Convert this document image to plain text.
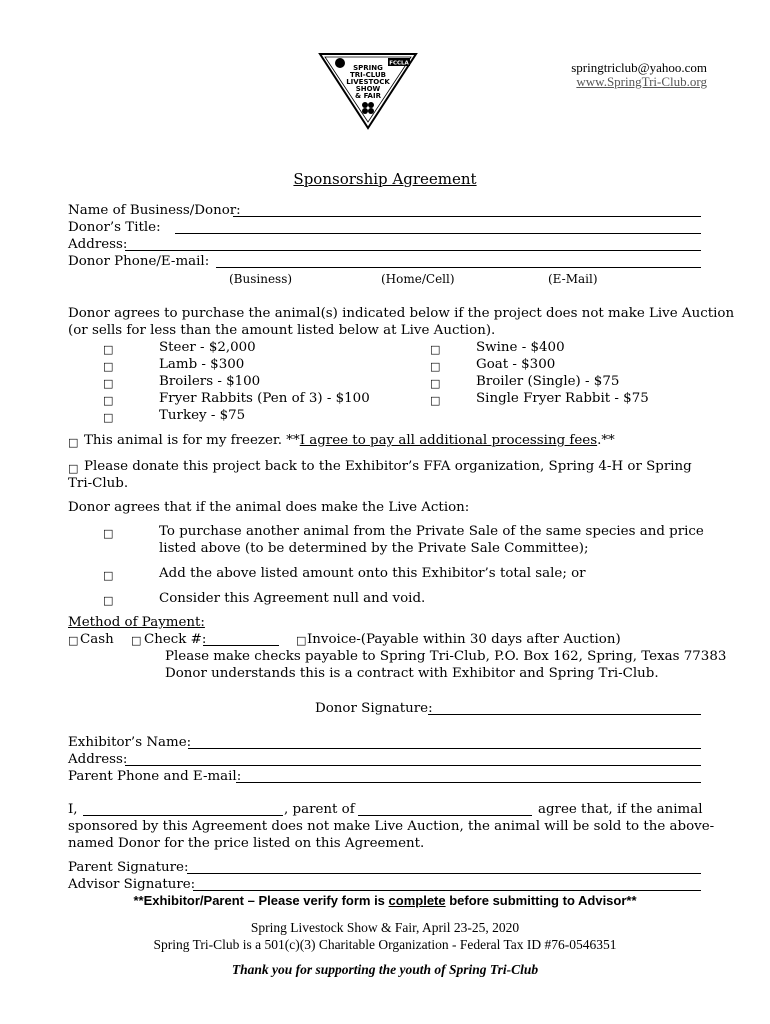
FCCLA
SPRING
TRI-CLUB
LIVESTOCK
SHOW
& FAIR
springtriclub@yahoo.com
www.SpringTri-Club.org
Sponsorship Agreement
Name of Business/Donor:
Donor’s Title:
Address:
Donor Phone/E-mail:
(Business)	(Home/Cell)	(E-Mail)
Donor agrees to purchase the animal(s) indicated below if the project does not make Live Auction
(or sells for less than the amount listed below at Live Auction).
□	Steer - $2,000
□	Lamb - $300
□	Broilers - $100
□	Fryer Rabbits (Pen of 3) - $100
□	Turkey - $75
□	Swine - $400
□	Goat - $300
□	Broiler (Single) - $75
□	Single Fryer Rabbit - $75
□ This animal is for my freezer. **I agree to pay all additional processing fees.**
□ Please donate this project back to the Exhibitor’s FFA organization, Spring 4-H or Spring
Tri-Club.
Donor agrees that if the animal does make the Live Action:
□	To purchase another animal from the Private Sale of the same species and price
listed above (to be determined by the Private Sale Committee);
□	Add the above listed amount onto this Exhibitor’s total sale; or
□	Consider this Agreement null and void.
Method of Payment:
□ Cash □ Check #:	□ Invoice-(Payable within 30 days after Auction)
Please make checks payable to Spring Tri-Club, P.O. Box 162, Spring, Texas 77383
Donor understands this is a contract with Exhibitor and Spring Tri-Club.
Donor Signature:
Exhibitor’s Name:
Address:
Parent Phone and E-mail:
I,	, parent of	agree that, if the animal
sponsored by this Agreement does not make Live Auction, the animal will be sold to the above-
named Donor for the price listed on this Agreement.
Parent Signature:
Advisor Signature:
**Exhibitor/Parent – Please verify form is complete before submitting to Advisor**
Spring Livestock Show & Fair, April 23-25, 2020
Spring Tri-Club is a 501(c)(3) Charitable Organization - Federal Tax ID #76-0546351
Thank you for supporting the youth of Spring Tri-Club
